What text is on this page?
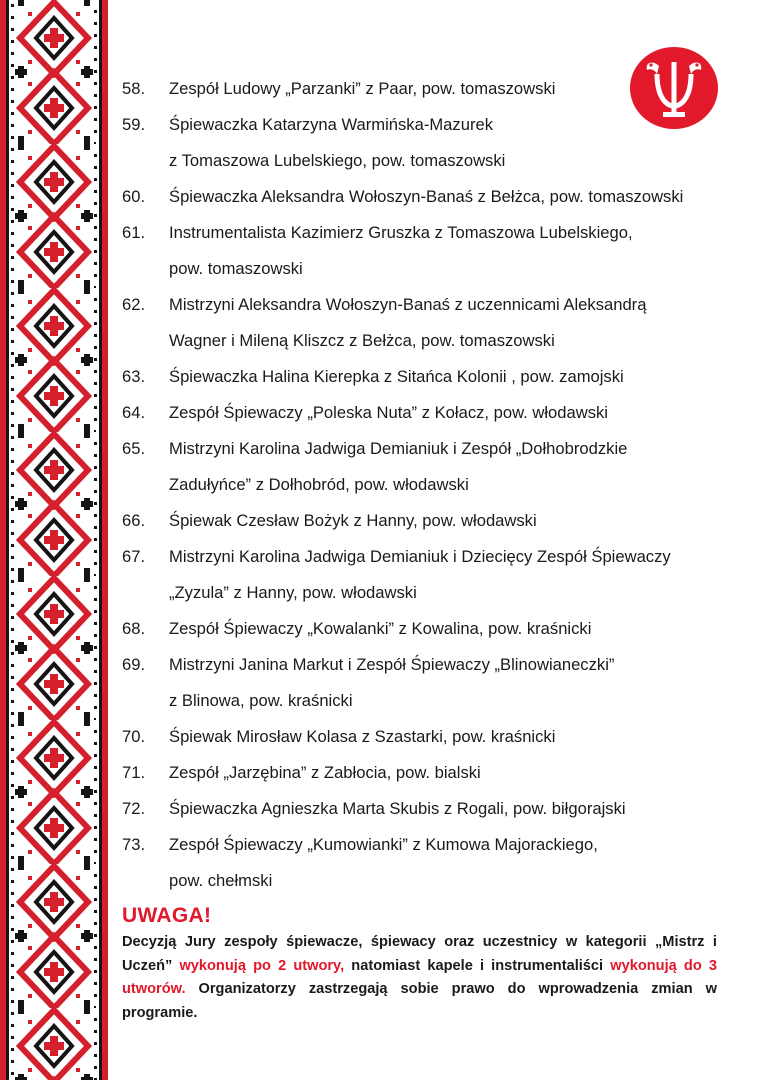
58.	Zespół Ludowy „Parzanki” z Paar, pow. tomaszowski
59.	Śpiewaczka Katarzyna Warmińska-Mazurek
z Tomaszowa Lubelskiego, pow. tomaszowski
60.	Śpiewaczka Aleksandra Wołoszyn-Banaś z Bełżca, pow. tomaszowski
61.	Instrumentalista Kazimierz Gruszka z Tomaszowa Lubelskiego,
pow. tomaszowski
62.	Mistrzyni Aleksandra Wołoszyn-Banaś z uczennicami Aleksandrą
Wagner i Mileną Kliszcz z Bełżca, pow. tomaszowski
63.	Śpiewaczka Halina Kierepka z Sitańca Kolonii , pow. zamojski
64.	Zespół Śpiewaczy „Poleska Nuta” z Kołacz, pow. włodawski
65.	Mistrzyni Karolina Jadwiga Demianiuk i Zespół „Dołhobrodzkie
Zadułyńce” z Dołhobród, pow. włodawski
66.	Śpiewak Czesław Bożyk z Hanny, pow. włodawski
67.	Mistrzyni Karolina Jadwiga Demianiuk i Dziecięcy Zespół Śpiewaczy
„Zyzula” z Hanny, pow. włodawski
68.	Zespół Śpiewaczy „Kowalanki” z Kowalina, pow. kraśnicki
69.	Mistrzyni Janina Markut i Zespół Śpiewaczy „Blinowianeczki”
z Blinowa, pow. kraśnicki
70.	Śpiewak Mirosław Kolasa z Szastarki, pow. kraśnicki
71.	Zespół „Jarzębina” z Zabłocia, pow. bialski
72.	Śpiewaczka Agnieszka Marta Skubis z Rogali, pow. biłgorajski
73.	Zespół Śpiewaczy „Kumowianki” z Kumowa Majorackiego,
pow. chełmski
UWAGA!

Decyzją Jury zespoły śpiewacze, śpiewacy oraz uczestnicy w kategorii „Mistrz i Uczeń” wykonują po 2 utwory, natomiast kapele i instrumentaliści wykonują do 3 utworów. Organizatorzy zastrzegają sobie prawo do wprowadzenia zmian w programie.
